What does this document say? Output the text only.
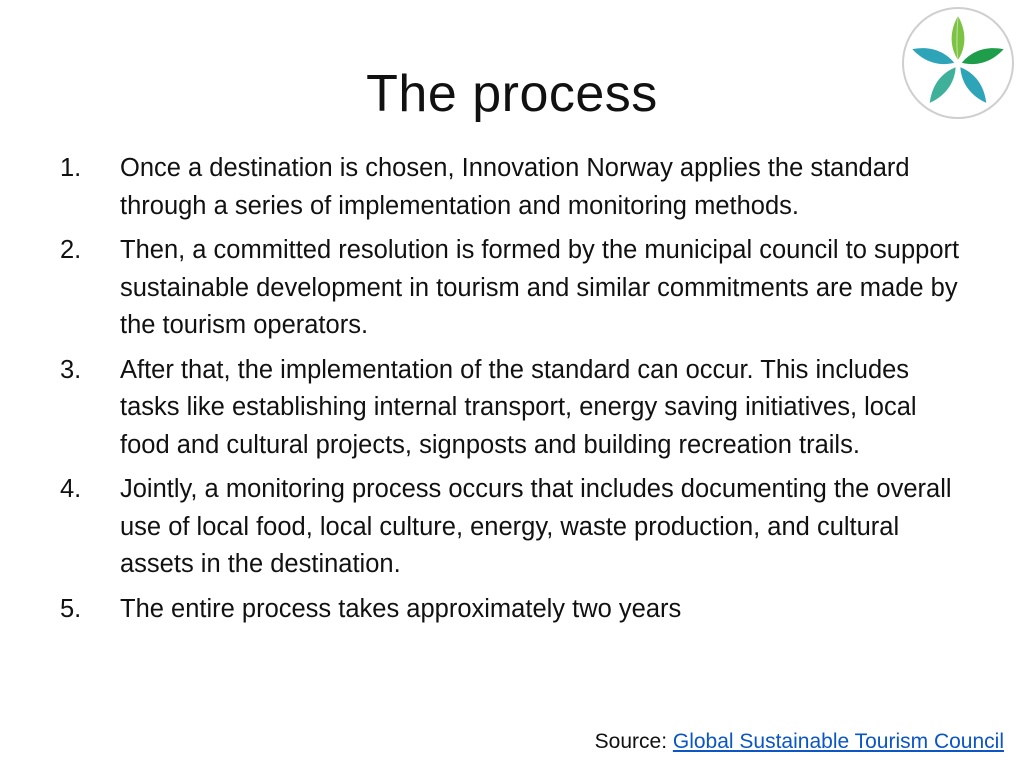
The process
1.	Once a destination is chosen, Innovation Norway applies the standard through a series of implementation and monitoring methods.
2.	Then, a committed resolution is formed by the municipal council to support sustainable development in tourism and similar commitments are made by the tourism operators.
3.	After that, the implementation of the standard can occur. This includes tasks like establishing internal transport, energy saving initiatives, local food and cultural projects, signposts and building recreation trails.
4.	Jointly, a monitoring process occurs that includes documenting the overall use of local food, local culture, energy, waste production, and cultural assets in the destination.
5.	The entire process takes approximately two years
Source: Global Sustainable Tourism Council
